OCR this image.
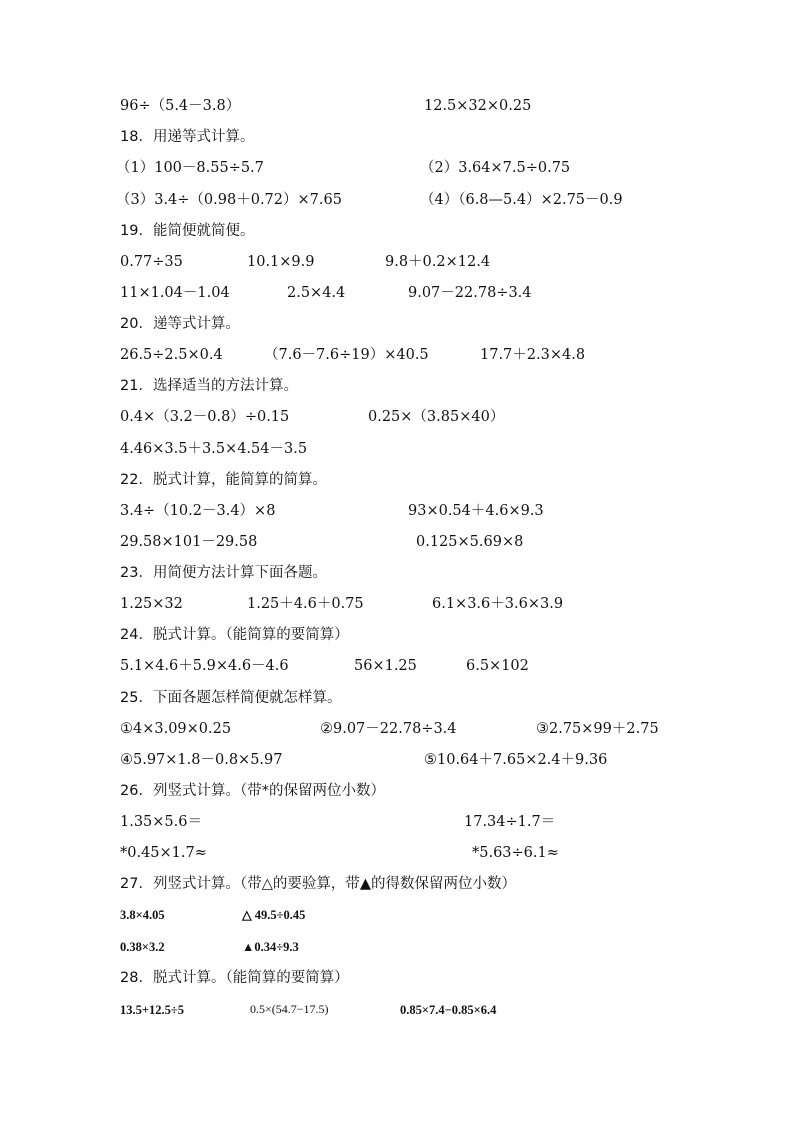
96÷（5.4－3.8）	12.5×32×0.25
18．用递等式计算。
（1）100－8.55÷5.7	（2）3.64×7.5÷0.75
（3）3.4÷（0.98＋0.72）×7.65	（4）（6.8—5.4）×2.75－0.9
19．能简便就简便。
0.77÷35	10.1×9.9	9.8＋0.2×12.4
11×1.04－1.04	2.5×4.4	9.07－22.78÷3.4
20．递等式计算。
26.5÷2.5×0.4	（7.6－7.6÷19）×40.5	17.7＋2.3×4.8
21．选择适当的方法计算。
0.4×（3.2－0.8）÷0.15	0.25×（3.85×40）
4.46×3.5＋3.5×4.54－3.5
22．脱式计算，能简算的简算。
3.4÷（10.2－3.4）×8	93×0.54＋4.6×9.3
29.58×101－29.58	0.125×5.69×8
23．用简便方法计算下面各题。
1.25×32	1.25＋4.6＋0.75	6.1×3.6＋3.6×3.9
24．脱式计算。（能简算的要简算）
5.1×4.6＋5.9×4.6－4.6	56×1.25	6.5×102
25．下面各题怎样简便就怎样算。
①4×3.09×0.25	②9.07－22.78÷3.4	③2.75×99＋2.75
④5.97×1.8－0.8×5.97	⑤10.64＋7.65×2.4＋9.36
26．列竖式计算。（带*的保留两位小数）
1.35×5.6＝	17.34÷1.7＝
*0.45×1.7≈	*5.63÷6.1≈
27．列竖式计算。（带△的要验算，带▲的得数保留两位小数）
3.8×4.05	△ 49.5÷0.45
0.38×3.2	▲0.34÷9.3
28．脱式计算。（能简算的要简算）
13.5+12.5÷5	0.5×(54.7−17.5)	0.85×7.4−0.85×6.4
